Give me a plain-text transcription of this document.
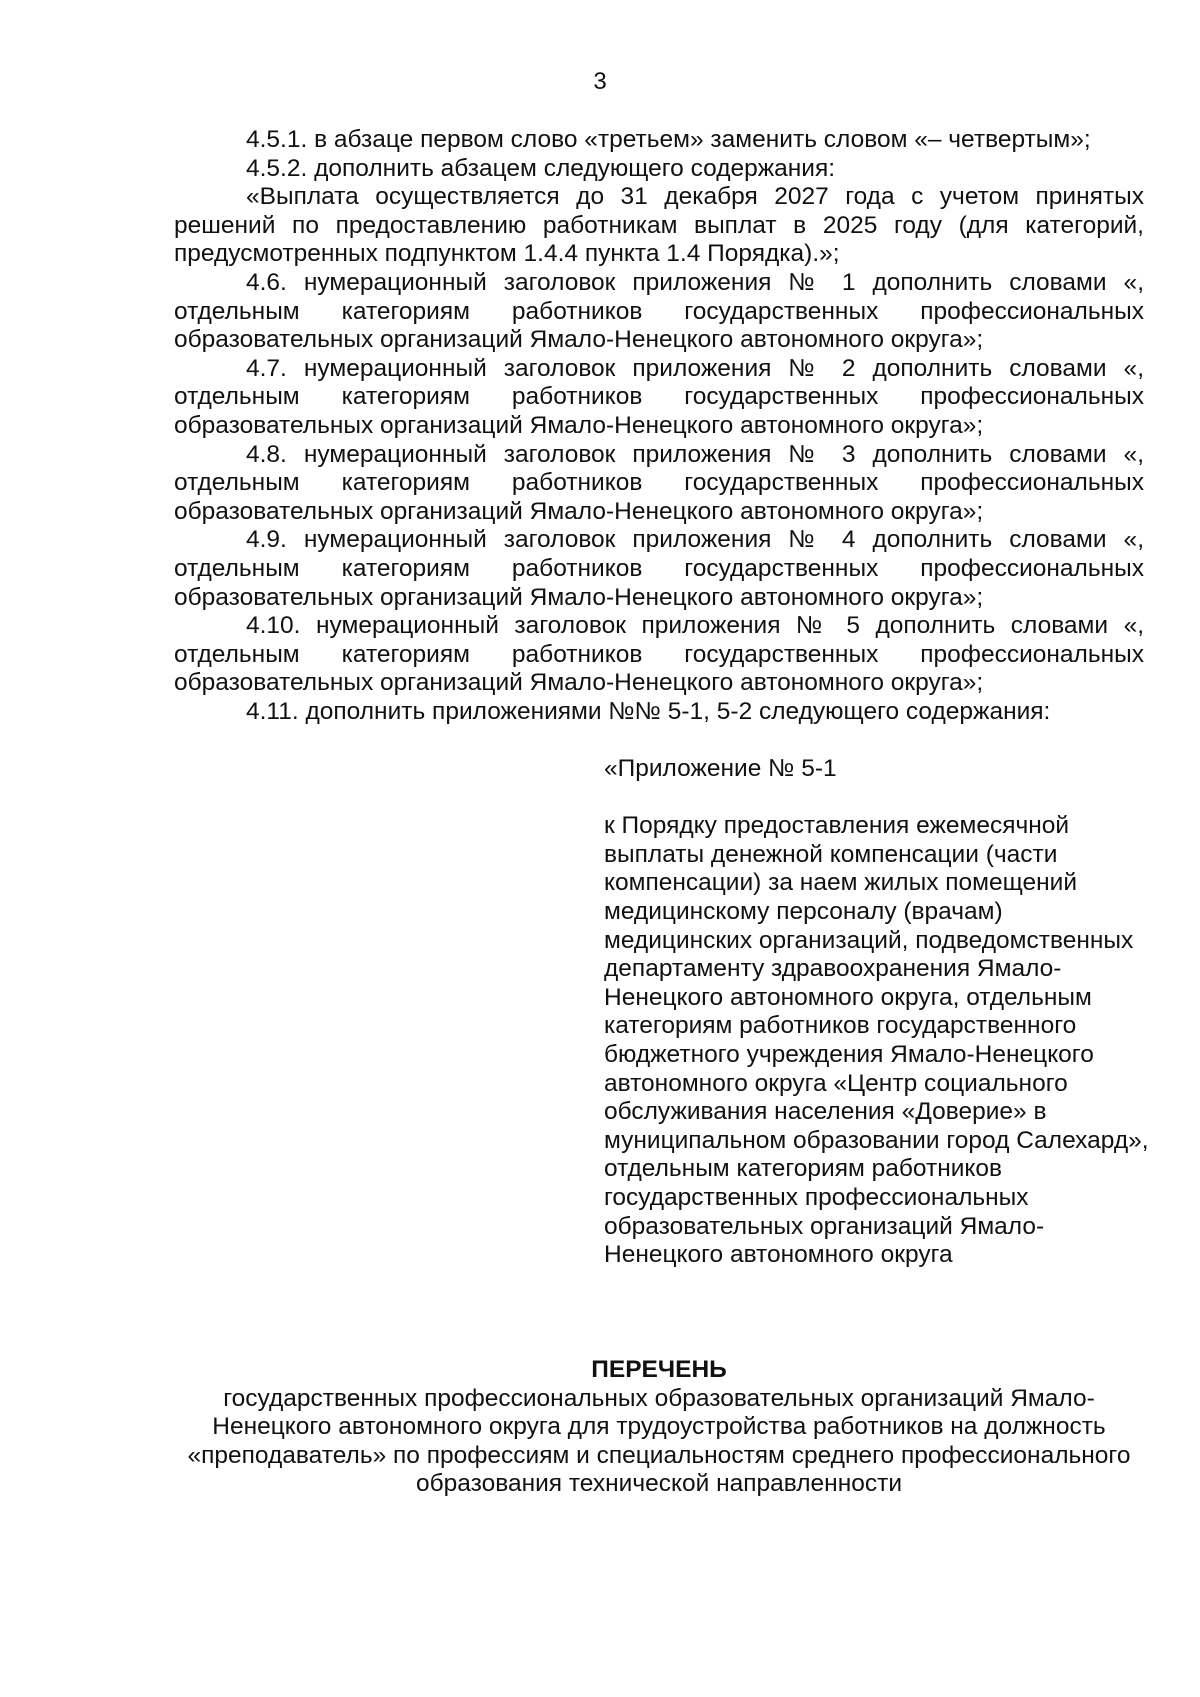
3

4.5.1. в абзаце первом слово «третьем» заменить словом «– четвертым»;

4.5.2. дополнить абзацем следующего содержания:

«Выплата осуществляется до 31 декабря 2027 года с учетом принятых решений по предоставлению работникам выплат в 2025 году (для категорий, предусмотренных подпунктом 1.4.4 пункта 1.4 Порядка).»;

4.6. нумерационный заголовок приложения № 1 дополнить словами «, отдельным категориям работников государственных профессиональных образовательных организаций Ямало-Ненецкого автономного округа»;

4.7. нумерационный заголовок приложения № 2 дополнить словами «, отдельным категориям работников государственных профессиональных образовательных организаций Ямало-Ненецкого автономного округа»;

4.8. нумерационный заголовок приложения № 3 дополнить словами «, отдельным категориям работников государственных профессиональных образовательных организаций Ямало-Ненецкого автономного округа»;

4.9. нумерационный заголовок приложения № 4 дополнить словами «, отдельным категориям работников государственных профессиональных образовательных организаций Ямало-Ненецкого автономного округа»;

4.10. нумерационный заголовок приложения № 5 дополнить словами «, отдельным категориям работников государственных профессиональных образовательных организаций Ямало-Ненецкого автономного округа»;

4.11. дополнить приложениями №№ 5-1, 5-2 следующего содержания:

«Приложение № 5-1

к Порядку предоставления ежемесячной выплаты денежной компенсации (части компенсации) за наем жилых помещений медицинскому персоналу (врачам) медицинских организаций, подведомственных департаменту здравоохранения Ямало-Ненецкого автономного округа, отдельным категориям работников государственного бюджетного учреждения Ямало-Ненецкого автономного округа «Центр социального обслуживания населения «Доверие» в муниципальном образовании город Салехард», отдельным категориям работников государственных профессиональных образовательных организаций Ямало-Ненецкого автономного округа

ПЕРЕЧЕНЬ

государственных профессиональных образовательных организаций Ямало-Ненецкого автономного округа для трудоустройства работников на должность «преподаватель» по профессиям и специальностям среднего профессионального образования технической направленности
